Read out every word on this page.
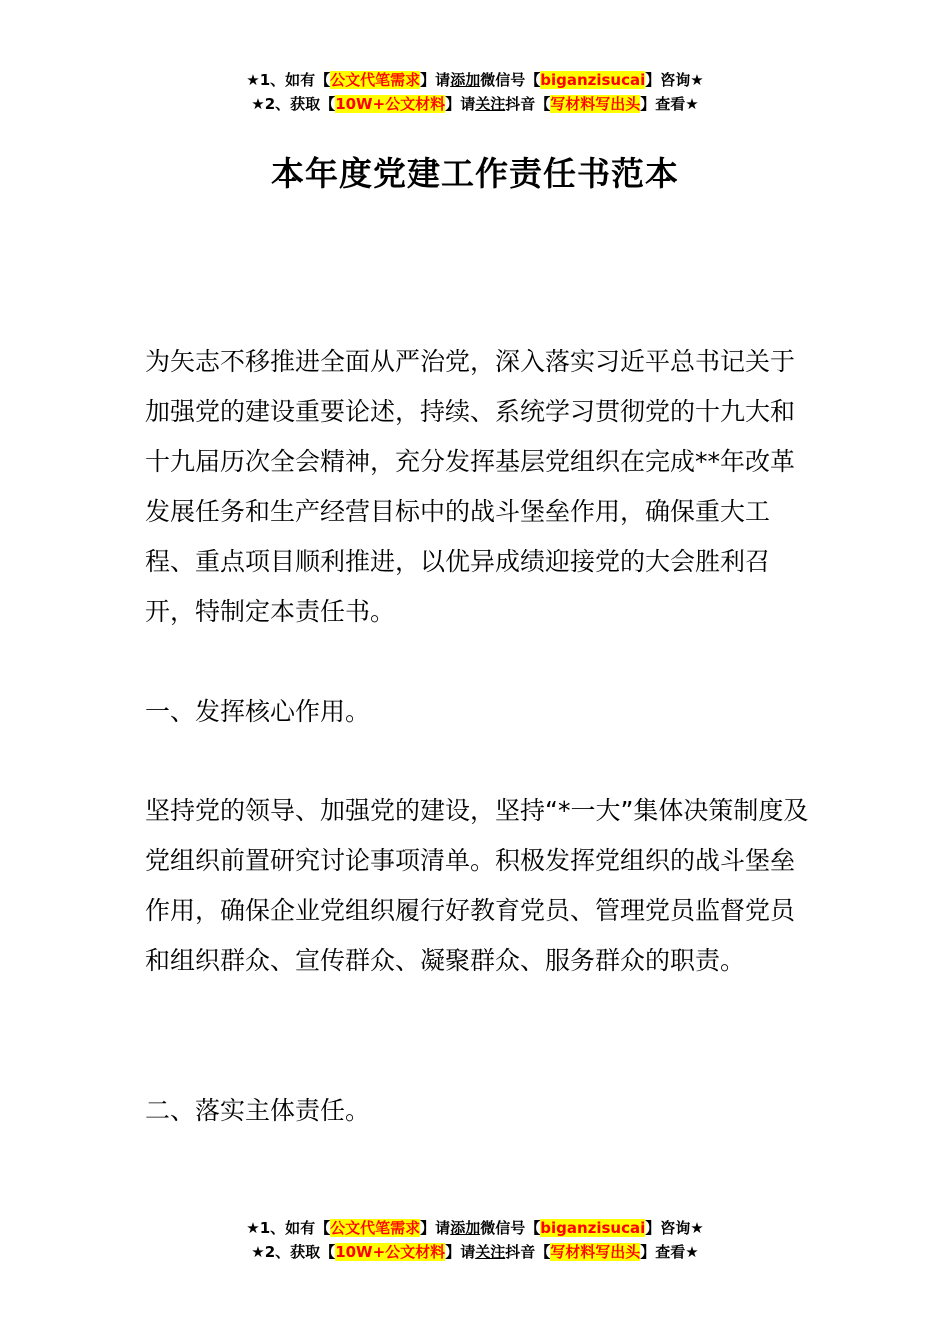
★1、如有【公文代笔需求】请添加微信号【biganzisucai】咨询★
★2、获取【10W+公文材料】请关注抖音【写材料写出头】查看★
本年度党建工作责任书范本

为矢志不移推进全面从严治党，深入落实习近平总书记关于加强党的建设重要论述，持续、系统学习贯彻党的十九大和十九届历次全会精神，充分发挥基层党组织在完成**年改革发展任务和生产经营目标中的战斗堡垒作用，确保重大工程、重点项目顺利推进，以优异成绩迎接党的大会胜利召开，特制定本责任书。

一、发挥核心作用。

坚持党的领导、加强党的建设，坚持“*一大”集体决策制度及党组织前置研究讨论事项清单。积极发挥党组织的战斗堡垒作用，确保企业党组织履行好教育党员、管理党员监督党员和组织群众、宣传群众、凝聚群众、服务群众的职责。

二、落实主体责任。

★1、如有【公文代笔需求】请添加微信号【biganzisucai】咨询★
★2、获取【10W+公文材料】请关注抖音【写材料写出头】查看★
